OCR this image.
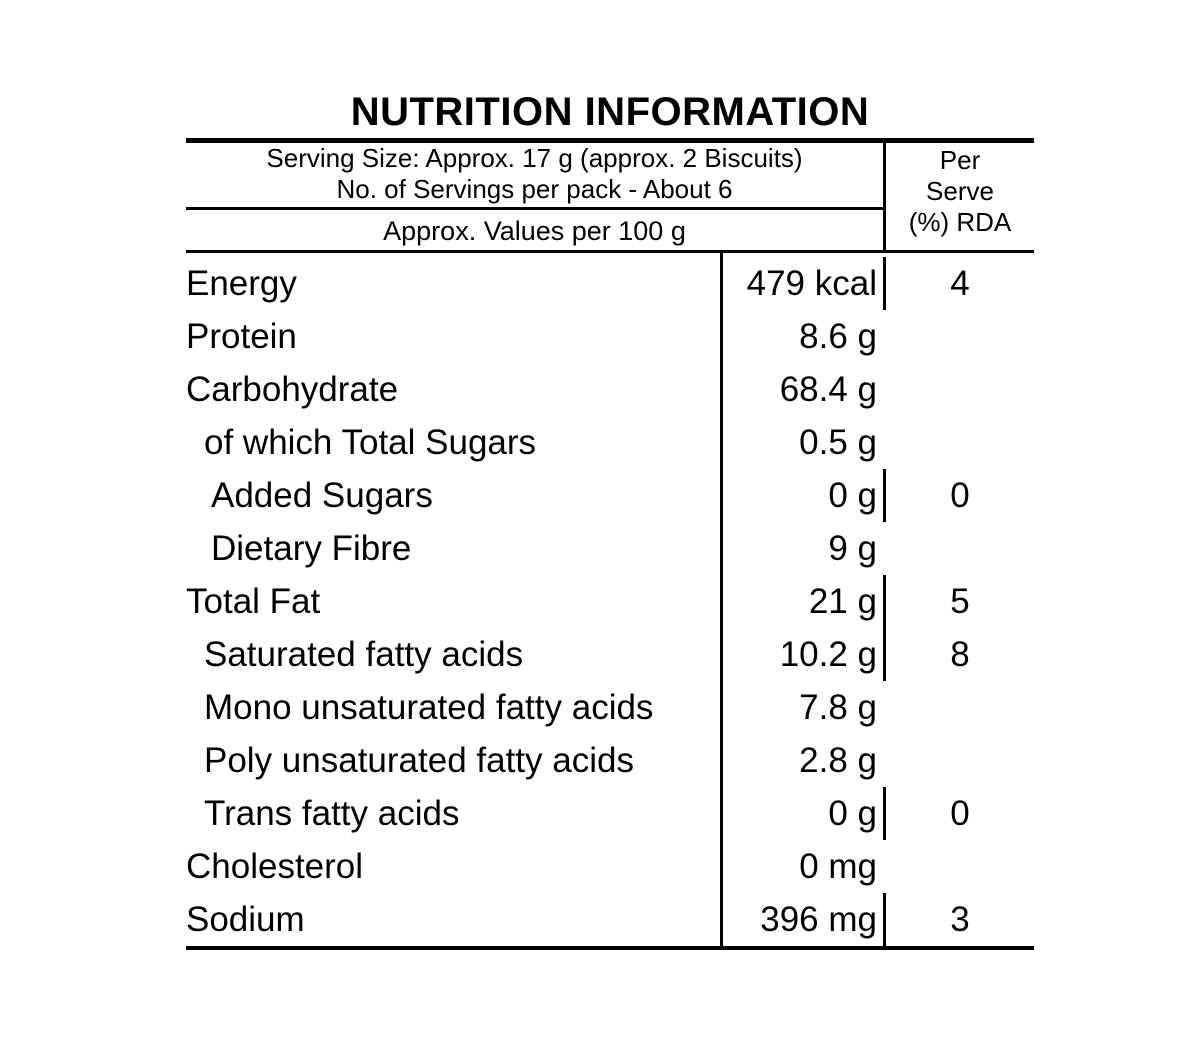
NUTRITION INFORMATION
Serving Size: Approx. 17 g (approx. 2 Biscuits)
No. of Servings per pack - About 6
Approx. Values per 100 g
Per
Serve
(%) RDA
Energy	479 kcal	4
Protein	8.6 g
Carbohydrate	68.4 g
of which Total Sugars	0.5 g
Added Sugars	0 g	0
Dietary Fibre	9 g
Total Fat	21 g	5
Saturated fatty acids	10.2 g	8
Mono unsaturated fatty acids	7.8 g
Poly unsaturated fatty acids	2.8 g
Trans fatty acids	0 g	0
Cholesterol	0 mg
Sodium	396 mg	3
